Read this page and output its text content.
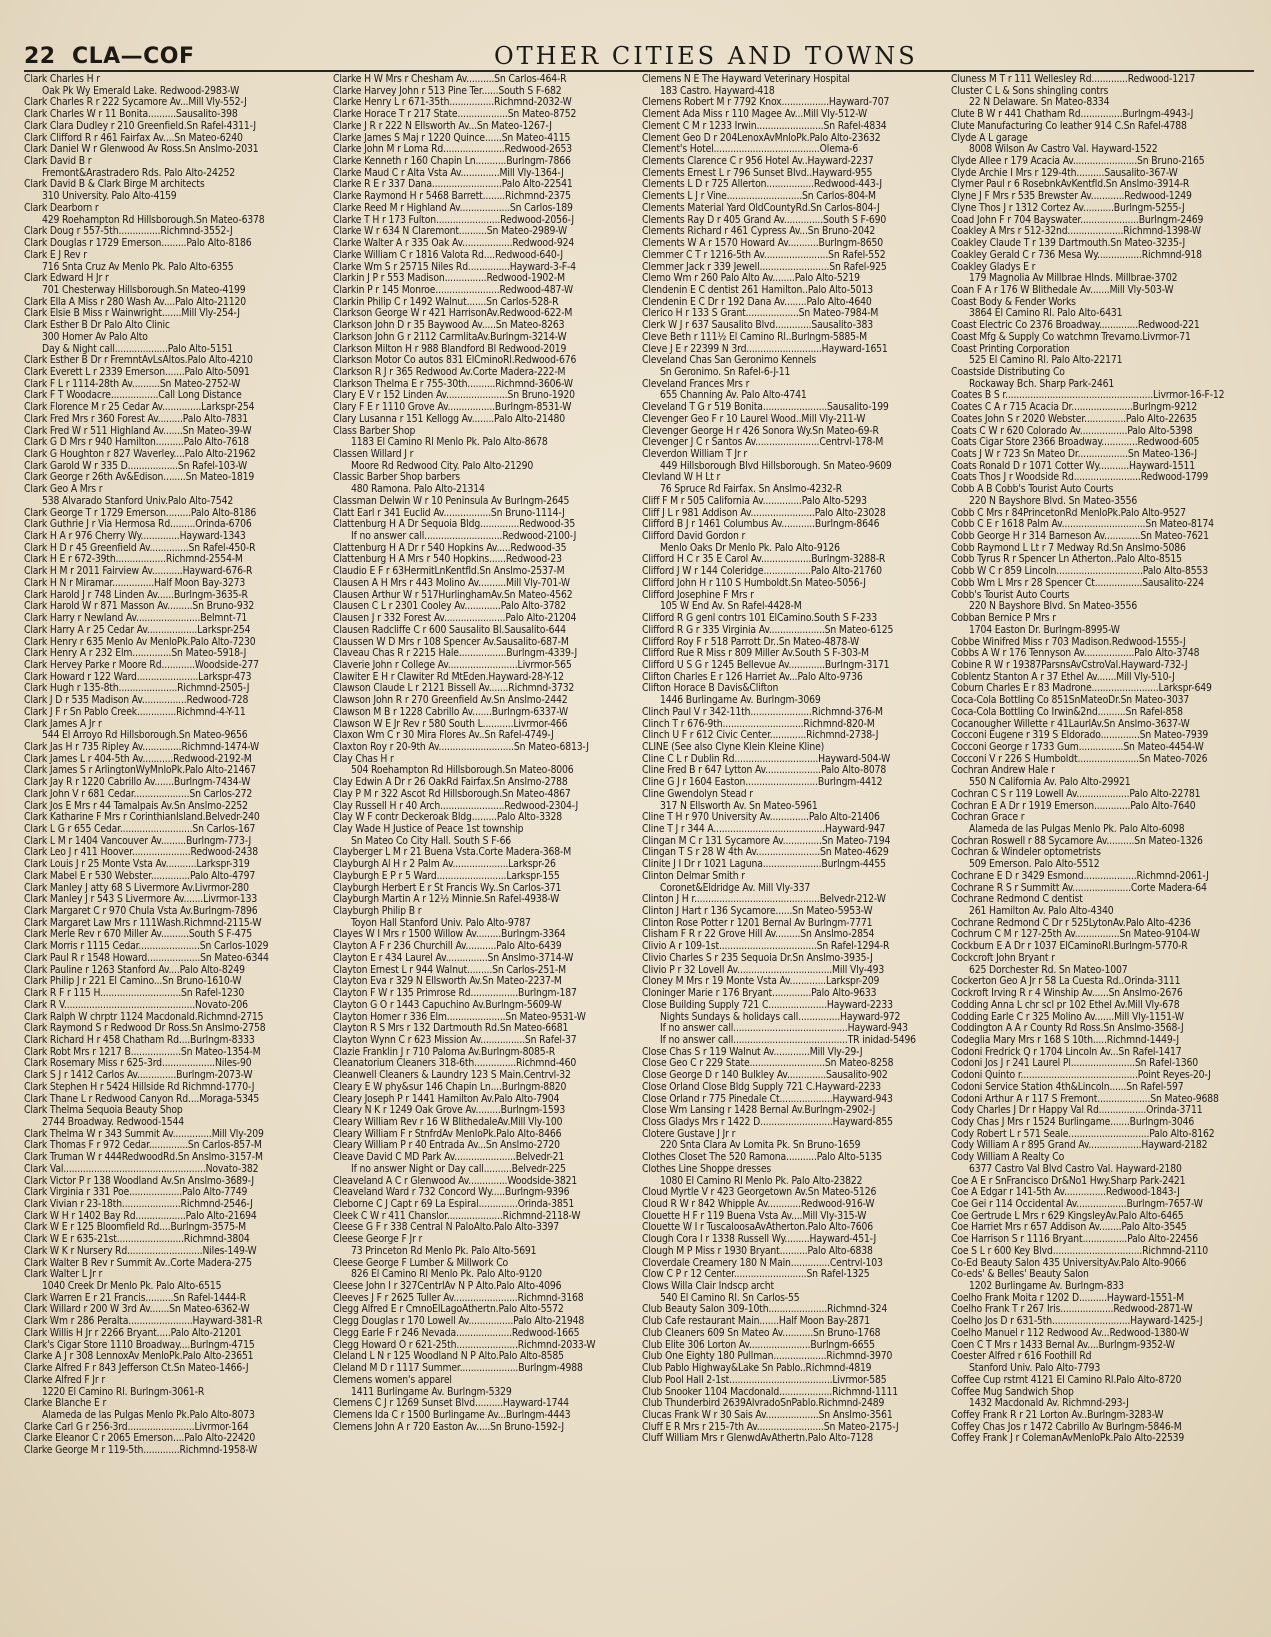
22 CLA—COF	OTHER CITIES AND TOWNS
Clark Charles H r
Oak Pk Wy Emerald Lake. Redwood-2983-W
Clark Charles R r 222 Sycamore Av...Mill Vly-552-J
Clark Charles W r 11 Bonita..........Sausalito-398
Clark Clara Dudley r 210 Greenfield.Sn Rafel-4311-J
Clark Clifford R r 461 Fairfax Av....Sn Mateo-6240
Clark Daniel W r Glenwood Av Ross.Sn Anslmo-2031
Clark David B r
Fremont&Arastradero Rds. Palo Alto-24252
Clark David B & Clark Birge M architects
310 University. Palo Alto-4159
Clark Dearborn r
429 Roehampton Rd Hillsborough.Sn Mateo-6378
Clark Doug r 557-5th...............Richmnd-3552-J
Clark Douglas r 1729 Emerson.........Palo Alto-8186
Clark E J Rev r
716 Snta Cruz Av Menlo Pk. Palo Alto-6355
Clark Edward H Jr r
701 Chesterway Hillsborough.Sn Mateo-4199
Clark Ella A Miss r 280 Wash Av....Palo Alto-21120
Clark Elsie B Miss r Wainwright.......Mill Vly-254-J
Clark Esther B Dr Palo Alto Clinic
300 Homer Av Palo Alto
Day & Night call...................Palo Alto-5151
Clark Esther B Dr r FremntAvLsAltos.Palo Alto-4210
Clark Everett L r 2339 Emerson.......Palo Alto-5091
Clark F L r 1114-28th Av..........Sn Mateo-2752-W
Clark F T Woodacre.................Call Long Distance
Clark Florence M r 25 Cedar Av..............Larkspr-254
Clark Fred Mrs r 360 Forest Av.........Palo Alto-7831
Clark Fred W r 511 Highland Av.......Sn Mateo-39-W
Clark G D Mrs r 940 Hamilton..........Palo Alto-7618
Clark G Houghton r 827 Waverley....Palo Alto-21962
Clark Garold W r 335 D..................Sn Rafel-103-W
Clark George r 26th Av&Edison........Sn Mateo-1819
Clark Geo A Mrs r
538 Alvarado Stanford Univ.Palo Alto-7542
Clark George T r 1729 Emerson.........Palo Alto-8186
Clark Guthrie J r Via Hermosa Rd.........Orinda-6706
Clark H A r 976 Cherry Wy..............Hayward-1343
Clark H D r 45 Greenfield Av..............Sn Rafel-450-R
Clark H E r 672-39th..................Richmnd-2554-M
Clark H M r 2011 Fairview Av...........Hayward-676-R
Clark H N r Miramar...............Half Moon Bay-3273
Clark Harold J r 748 Linden Av......Burlngm-3635-R
Clark Harold W r 871 Masson Av.........Sn Bruno-932
Clark Harry r Newland Av.......................Belmnt-71
Clark Harry A r 25 Cedar Av..................Larkspr-254
Clark Henry r 635 Menlo Av MenloPk.Palo Alto-7230
Clark Henry A r 232 Elm..............Sn Mateo-5918-J
Clark Hervey Parke r Moore Rd............Woodside-277
Clark Howard r 122 Ward......................Larkspr-473
Clark Hugh r 135-8th.....................Richmnd-2505-J
Clark J D r 535 Madison Av................Redwood-728
Clark J F r Sn Pablo Creek..............Richmnd-4-Y-11
Clark James A Jr r
544 El Arroyo Rd Hillsborough.Sn Mateo-9656
Clark Jas H r 735 Ripley Av..............Richmnd-1474-W
Clark James L r 404-5th Av...........Redwood-2192-M
Clark James S r ArlingtonWyMnloPk.Palo Alto-21467
Clark Jay R r 1220 Cabrillo Av.......Burlngm-7434-W
Clark John V r 681 Cedar....................Sn Carlos-272
Clark Jos E Mrs r 44 Tamalpais Av.Sn Anslmo-2252
Clark Katharine F Mrs r CorinthianIsland.Belvedr-240
Clark L G r 655 Cedar..........................Sn Carlos-167
Clark L M r 1404 Vancouver Av.........Burlngm-773-J
Clark Leo J r 411 Hoover.....................Redwood-2438
Clark Louis J r 25 Monte Vsta Av...........Larkspr-319
Clark Mabel E r 530 Webster..............Palo Alto-4797
Clark Manley J atty 68 S Livermore Av.Livrmor-280
Clark Manley J r 543 S Livermore Av.......Livrmor-133
Clark Margaret C r 970 Chula Vsta Av.Burlngm-7896
Clark Margaret Law Mrs r 111Wash.Richmnd-2115-W
Clark Merle Rev r 670 Miller Av..........South S F-475
Clark Morris r 1115 Cedar......................Sn Carlos-1029
Clark Paul R r 1548 Howard...................Sn Mateo-6344
Clark Pauline r 1263 Stanford Av....Palo Alto-8249
Clark Philip J r 221 El Camino...Sn Bruno-1610-W
Clark R F r 115 H.............................Sn Rafel-1230
Clark R V...............................................Novato-206
Clark Ralph W chrptr 1124 Macdonald.Richmnd-2715
Clark Raymond S r Redwood Dr Ross.Sn Anslmo-2758
Clark Richard H r 458 Chatham Rd....Burlngm-8333
Clark Robt Mrs r 1217 B..................Sn Mateo-1354-M
Clark Rosemary Miss r 625-3rd...................Niles-90
Clark S J r 1412 Carlos Av..............Burlngm-2073-W
Clark Stephen H r 5424 Hillside Rd Richmnd-1770-J
Clark Thane L r Redwood Canyon Rd....Moraga-5345
Clark Thelma Sequoia Beauty Shop
2744 Broadway. Redwood-1544
Clark Thelma W r 343 Summit Av..............Mill Vly-209
Clark Thomas F r 972 Cedar..............Sn Carlos-857-M
Clark Truman W r 444RedwoodRd.Sn Anslmo-3157-M
Clark Val...................................................Novato-382
Clark Victor P r 138 Woodland Av.Sn Anslmo-3689-J
Clark Virginia r 331 Poe...................Palo Alto-7749
Clark Vivian r 23-18th.....................Richmnd-2546-J
Clark W H r 1402 Bay Rd..................Palo Alto-21694
Clark W E r 125 Bloomfield Rd....Burlngm-3575-M
Clark W E r 635-21st........................Richmnd-3804
Clark W K r Nursery Rd...........................Niles-149-W
Clark Walter B Rev r Summit Av..Corte Madera-275
Clark Walter L Jr r
1040 Creek Dr Menlo Pk. Palo Alto-6515
Clark Warren E r 21 Francis..........Sn Rafel-1444-R
Clark Willard r 200 W 3rd Av.......Sn Mateo-6362-W
Clark Wm r 286 Peralta.......................Hayward-381-R
Clark Willis H Jr r 2266 Bryant.....Palo Alto-21201
Clark's Cigar Store 1110 Broadway....Burlngm-4715
Clarke A J r 308 LennoxAv MenloPk.Palo Alto-23651
Clarke Alfred F r 843 Jefferson Ct.Sn Mateo-1466-J
Clarke Alfred F Jr r
1220 El Camino Rl. Burlngm-3061-R
Clarke Blanche E r
Alameda de las Pulgas Menlo Pk.Palo Alto-8073
Clarke Carl G r 256-3rd........................Livrmor-164
Clarke Eleanor C r 2065 Emerson....Palo Alto-22420
Clarke George M r 119-5th.............Richmnd-1958-W
Clarke H W Mrs r Chesham Av..........Sn Carlos-464-R
Clarke Harvey John r 513 Pine Ter......South S F-682
Clarke Henry L r 671-35th................Richmnd-2032-W
Clarke Horace T r 217 State..................Sn Mateo-8752
Clarke J R r 222 N Ellsworth Av...Sn Mateo-1267-J
Clarke James S Maj r 1220 Quince......Sn Mateo-4115
Clarke John M r Loma Rd......................Redwood-2653
Clarke Kenneth r 160 Chapin Ln...........Burlngm-7866
Clarke Maud C r Alta Vsta Av..............Mill Vly-1364-J
Clarke R E r 337 Dana.........................Palo Alto-22541
Clarke Raymond H r 5468 Barrett........Richmnd-2375
Clarke Reed M r Highland Av..................Sn Carlos-189
Clarke T H r 173 Fulton.......................Redwood-2056-J
Clarke W r 634 N Claremont..........Sn Mateo-2989-W
Clarke Walter A r 335 Oak Av..................Redwood-924
Clarke William C r 1816 Valota Rd....Redwood-640-J
Clarke Wm S r 25715 Niles Rd...............Hayward-3-F-4
Clarkin J P r 553 Madison...............Redwood-1902-M
Clarkin P r 145 Monroe.......................Redwood-487-W
Clarkin Philip C r 1492 Walnut.......Sn Carlos-528-R
Clarkson George W r 421 HarrisonAv.Redwood-622-M
Clarkson John D r 35 Baywood Av.....Sn Mateo-8263
Clarkson John G r 2112 CarmlitaAv.Burlngm-3214-W
Clarkson Milton H r 988 Blandford Bl Redwood-2019
Clarkson Motor Co autos 831 ElCminoRl.Redwood-676
Clarkson R J r 365 Redwood Av.Corte Madera-222-M
Clarkson Thelma E r 755-30th..........Richmnd-3606-W
Clary E V r 152 Linden Av......................Sn Bruno-1920
Clary F E r 1110 Grove Av.................Burlngm-8531-W
Clary Lusanna r 151 Kellogg Av........Palo Alto-21480
Class Barber Shop
1183 El Camino Rl Menlo Pk. Palo Alto-8678
Classen Willard J r
Moore Rd Redwood City. Palo Alto-21290
Classic Barber Shop barbers
480 Ramona. Palo Alto-21314
Classman Delwin W r 10 Peninsula Av Burlngm-2645
Clatt Earl r 341 Euclid Av.................Sn Bruno-1114-J
Clattenburg H A Dr Sequoia Bldg..............Redwood-35
If no answer call............................Redwood-2100-J
Clattenburg H A Dr r 540 Hopkins Av.....Redwood-35
Clattenburg H A Mrs r 540 Hopkins......Redwood-23
Claudio E F r 63HermitLnKentfld.Sn Anslmo-2537-M
Clausen A H Mrs r 443 Molino Av..........Mill Vly-701-W
Clausen Arthur W r 517HurlinghamAv.Sn Mateo-4562
Clausen C L r 2301 Cooley Av.............Palo Alto-3782
Clausen J r 332 Forest Av......................Palo Alto-21204
Clausen Radcliffe C r 600 Sausalito Bl.Sausalito-644
Claussen W D Mrs r 108 Spencer Av.Sausalito-687-M
Claveau Chas R r 2215 Hale.................Burlngm-4339-J
Claverie John r College Av.........................Livrmor-565
Clawiter E H r Clawiter Rd MtEden.Hayward-28-Y-12
Clawson Claude L r 2121 Bissell Av.......Richmnd-3732
Clawson John R r 270 Greenfield Av.Sn Anslmo-2442
Clawson M B r 1228 Cabrillo Av.......Burlngm-6337-W
Clawson W E Jr Rev r 580 South L...........Livrmor-466
Claxon Wm C r 30 Mira Flores Av..Sn Rafel-4749-J
Claxton Roy r 20-9th Av...........................Sn Mateo-6813-J
Clay Chas H r
504 Roehampton Rd Hillsborough.Sn Mateo-8006
Clay Edwin A Dr r 26 OakRd Fairfax.Sn Anslmo-2788
Clay P M r 322 Ascot Rd Hillsborough.Sn Mateo-4867
Clay Russell H r 40 Arch.......................Redwood-2304-J
Clay W F contr Deckeroak Bldg.........Palo Alto-3328
Clay Wade H Justice of Peace 1st township
Sn Mateo Co City Hall. South S F-66
Clayberger L M r 21 Buena Vsta.Corte Madera-368-M
Clayburgh Al H r 2 Palm Av....................Larkspr-26
Clayburgh E P r 5 Ward.........................Larkspr-155
Clayburgh Herbert E r St Francis Wy..Sn Carlos-371
Clayburgh Martin A r 12½ Minnie.Sn Rafel-4938-W
Clayburgh Philip B r
Toyon Hall Stanford Univ. Palo Alto-9787
Clayes W I Mrs r 1500 Willow Av.........Burlngm-3364
Clayton A F r 236 Churchill Av...........Palo Alto-6439
Clayton E r 434 Laurel Av...............Sn Anslmo-3714-W
Clayton Ernest L r 944 Walnut.........Sn Carlos-251-M
Clayton Eva r 329 N Ellsworth Av.Sn Mateo-2237-M
Clayton F W r 135 Primrose Rd.................Burlngm-187
Clayton G O r 1443 Capuchino Av.Burlngm-5609-W
Clayton Homer r 336 Elm.....................Sn Mateo-9531-W
Clayton R S Mrs r 132 Dartmouth Rd.Sn Mateo-6681
Clayton Wynn C r 623 Mission Av................Sn Rafel-37
Clazie Franklin J r 710 Paloma Av.Burlngm-8085-R
Cleanatorium Cleaners 318-6th...............Richmnd-460
Cleanwell Cleaners & Laundry 123 S Main.Centrvl-32
Cleary E W phy&sur 146 Chapin Ln....Burlngm-8820
Cleary Joseph P r 1441 Hamilton Av.Palo Alto-7904
Cleary N K r 1249 Oak Grove Av.........Burlngm-1593
Cleary William Rev r 16 W BlithedaleAv.Mill Vly-100
Cleary William F r StnfrdAv MenloPk.Palo Alto-8466
Cleary William P r 40 Entrada Av...Sn Anslmo-2720
Cleave David C MD Park Av......................Belvedr-21
If no answer Night or Day call..........Belvedr-225
Cleaveland A C r Glenwood Av..............Woodside-3821
Cleaveland Ward r 732 Concord Wy.....Burlngm-9396
Cleborne C J Capt r 69 La Espiral..............Orinda-3851
Cleek C W r 411 Chanslor....................Richmnd-2118-W
Cleese G F r 338 Central N PaloAlto.Palo Alto-3397
Cleese George F Jr r
73 Princeton Rd Menlo Pk. Palo Alto-5691
Cleese George F Lumber & Millwork Co
826 El Camino Rl Menlo Pk. Palo Alto-9120
Cleese John I r 327CentrlAv N P Alto.Palo Alto-4096
Cleeves J F r 2625 Tuller Av.......................Richmnd-3168
Clegg Alfred E r CmnoElLagoAthertn.Palo Alto-5572
Clegg Douglas r 170 Lowell Av................Palo Alto-21948
Clegg Earle F r 246 Nevada....................Redwood-1665
Clegg Howard O r 621-25th......................Richmnd-2033-W
Cleland L N r 125 Woodland N P Alto.Palo Alto-8585
Cleland M D r 1117 Summer.....................Burlngm-4988
Clemens women's apparel
1411 Burlingame Av. Burlngm-5329
Clemens C J r 1269 Sunset Blvd..........Hayward-1744
Clemens Ida C r 1500 Burlingame Av...Burlngm-4443
Clemens John A r 720 Easton Av.....Sn Bruno-1592-J
Clemens N E The Hayward Veterinary Hospital
183 Castro. Hayward-418
Clemens Robert M r 7792 Knox.................Hayward-707
Clement Ada Miss r 110 Magee Av...Mill Vly-512-W
Clement C M r 1233 Irwin........................Sn Rafel-4834
Clement Geo D r 204LenoxAvMnloPk.Palo Alto-23632
Clement's Hotel......................................Olema-6
Clements Clarence C r 956 Hotel Av..Hayward-2237
Clements Ernest L r 796 Sunset Blvd..Hayward-955
Clements L D r 725 Allerton.................Redwood-443-J
Clements L J r Vine...........................Sn Carlos-804-M
Clements Material Yard OldCountyRd.Sn Carlos-804-J
Clements Ray D r 405 Grand Av..............South S F-690
Clements Richard r 461 Cypress Av...Sn Bruno-2042
Clements W A r 1570 Howard Av...........Burlngm-8650
Clemmer C T r 1216-5th Av.......................Sn Rafel-552
Clemmer Jack r 339 Jewell.........................Sn Rafel-925
Clemo Wm r 260 Palo Alto Av........Palo Alto-5219
Clendenin E C dentist 261 Hamilton..Palo Alto-5013
Clendenin E C Dr r 192 Dana Av........Palo Alto-4640
Clerico H r 133 S Grant...................Sn Mateo-7984-M
Clerk W J r 637 Sausalito Blvd.............Sausalito-383
Cleve Beth r 111½ El Camino Rl..Burlngm-5885-M
Cleve J E r 22399 N 3rd...........................Hayward-1651
Cleveland Chas San Geronimo Kennels
Sn Geronimo. Sn Rafel-6-J-11
Cleveland Frances Mrs r
655 Channing Av. Palo Alto-4741
Cleveland T G r 519 Bonita.......................Sausalito-199
Clevenger Geo F r 10 Laurel Wood..Mill Vly-211-W
Clevenger George H r 426 Sonora Wy.Sn Mateo-69-R
Clevenger J C r Santos Av.......................Centrvl-178-M
Cleverdon William T Jr r
449 Hillsborough Blvd Hillsborough. Sn Mateo-9609
Clevland W H Lt r
76 Spruce Rd Fairfax. Sn Anslmo-4232-R
Cliff F M r 505 California Av..............Palo Alto-5293
Cliff J L r 981 Addison Av.......................Palo Alto-23028
Clifford B J r 1461 Columbus Av............Burlngm-8646
Clifford David Gordon r
Menlo Oaks Dr Menlo Pk. Palo Alto-9126
Clifford H C r 35 E Carol Av..................Burlngm-3288-R
Clifford J W r 144 Coleridge.................Palo Alto-21760
Clifford John H r 110 S Humboldt.Sn Mateo-5056-J
Clifford Josephine F Mrs r
105 W End Av. Sn Rafel-4428-M
Clifford R G genl contrs 101 ElCamino.South S F-233
Clifford R G r 335 Virginia Av....................Sn Mateo-6125
Clifford Roy F r 518 Parrott Dr..Sn Mateo-4878-W
Clifford Rue R Miss r 809 Miller Av.South S F-303-M
Clifford U S G r 1245 Bellevue Av.............Burlngm-3171
Clifton Charles E r 126 Harriet Av...Palo Alto-9736
Clifton Horace B Davis&Clifton
1446 Burlingame Av. Burlngm-3069
Clinch Paul V r 342-11th......................Richmnd-376-M
Clinch T r 676-9th.............................Richmnd-820-M
Clinch U F r 612 Civic Center.............Richmnd-2738-J
CLINE (See also Clyne Klein Kleine Kline)
Cline C L r Dublin Rd..............................Hayward-504-W
Cline Fred B r 647 Lytton Av....................Palo Alto-8078
Cline G J r 1604 Easton..........................Burlngm-4412
Cline Gwendolyn Stead r
317 N Ellsworth Av. Sn Mateo-5961
Cline T H r 970 University Av..............Palo Alto-21406
Cline T J r 344 A........................................Hayward-947
Clingan M C r 131 Sycamore Av..............Sn Mateo-7194
Clingan T S r 28 W 4th Av.......................Sn Mateo-4629
Clinite J I Dr r 1021 Laguna.....................Burlngm-4455
Clinton Delmar Smith r
Coronet&Eldridge Av. Mill Vly-337
Clinton J H r.............................................Belvedr-212-W
Clinton J Hart r 136 Sycamore......Sn Mateo-5953-W
Clinton Rose Potter r 1201 Bernal Av Burlngm-7771
Clisham F R r 22 Grove Hill Av.........Sn Anslmo-2854
Clivio A r 109-1st...................................Sn Rafel-1294-R
Clivio Charles S r 235 Sequoia Dr.Sn Anslmo-3935-J
Clivio P r 32 Lovell Av..................................Mill Vly-493
Cloney M Mrs r 19 Monte Vsta Av.............Larkspr-209
Cloninger Marie r 176 Bryant..............Palo Alto-9633
Close Building Supply 721 C.....................Hayward-2233
Nights Sundays & holidays call...............Hayward-972
If no answer call.........................................Hayward-943
If no answer call.........................................TR inidad-5496
Close Chas S r 119 Walnut Av.............Mill Vly-29-J
Close Geo C r 229 State...........................Sn Mateo-8258
Close George D r 140 Bulkley Av..............Sausalito-902
Close Orland Close Bldg Supply 721 C.Hayward-2233
Close Orland r 775 Pinedale Ct...................Hayward-943
Close Wm Lansing r 1428 Bernal Av.Burlngm-2902-J
Closs Gladys Mrs r 1422 D..........................Hayward-855
Clotere Gustave J Jr r
220 Snta Clara Av Lomita Pk. Sn Bruno-1659
Clothes Closet The 520 Ramona...........Palo Alto-5135
Clothes Line Shoppe dresses
1080 El Camino Rl Menlo Pk. Palo Alto-23822
Cloud Myrtle V r 423 Georgetown Av.Sn Mateo-5126
Cloud R W r 842 Whipple Av............Redwood-916-W
Clouette H F r 119 Buena Vsta Av....Mill Vly-315-W
Clouette W I r TuscaloosaAvAtherton.Palo Alto-7606
Clough Cora I r 1338 Russell Wy.........Hayward-451-J
Clough M P Miss r 1930 Bryant..........Palo Alto-6838
Cloverdale Creamery 180 N Main..............Centrvl-103
Clow C P r 12 Center..........................Sn Rafel-1325
Clows Willa Clair Indscp archt
540 El Camino Rl. Sn Carlos-55
Club Beauty Salon 309-10th.....................Richmnd-324
Club Cafe restaurant Main.......Half Moon Bay-2871
Club Cleaners 609 Sn Mateo Av...........Sn Bruno-1768
Club Elite 306 Lorton Av......................Burlngm-6655
Club One Eighty 180 Pullman...................Richmnd-3970
Club Pablo Highway&Lake Sn Pablo..Richmnd-4819
Club Pool Hall 2-1st.....................................Livrmor-585
Club Snooker 1104 Macdonald...................Richmnd-1111
Club Thunderbird 2639AlvradoSnPablo.Richmnd-2489
Clucas Frank W r 30 Sais Av...................Sn Anslmo-3561
Cluff E R Mrs r 215-7th Av........................Sn Mateo-2175-J
Cluff William Mrs r GlenwdAvAthertn.Palo Alto-7128
Cluness M T r 111 Wellesley Rd.............Redwood-1217
Cluster C L & Sons shingling contrs
22 N Delaware. Sn Mateo-8334
Clute B W r 441 Chatham Rd...............Burlngm-4943-J
Clute Manufacturing Co leather 914 C.Sn Rafel-4788
Clyde A L garage
8008 Wilson Av Castro Val. Hayward-1522
Clyde Allee r 179 Acacia Av.......................Sn Bruno-2165
Clyde Archie I Mrs r 129-4th..........Sausalito-367-W
Clymer Paul r 6 RosebnkAvKentfld.Sn Anslmo-3914-R
Clyne J F Mrs r 535 Brewster Av............Redwood-1249
Clyne Thos J r 1312 Cortez Av...........Burlngm-5255-J
Coad John F r 704 Bayswater.....................Burlngm-2469
Coakley A Mrs r 512-32nd....................Richmnd-1398-W
Coakley Claude T r 139 Dartmouth.Sn Mateo-3235-J
Coakley Gerald C r 736 Mesa Wy................Richmnd-918
Coakley Gladys E r
179 Magnolia Av Millbrae Hlnds. Millbrae-3702
Coan F A r 176 W Blithedale Av.......Mill Vly-503-W
Coast Body & Fender Works
3864 El Camino Rl. Palo Alto-6431
Coast Electric Co 2376 Broadway..............Redwood-221
Coast Mfg & Supply Co watchmn Trevarno.Livrmor-71
Coast Printing Corporation
525 El Camino Rl. Palo Alto-22171
Coastside Distributing Co
Rockaway Bch. Sharp Park-2461
Coates B S r.....................................................Livrmor-16-F-12
Coates C A r 715 Acacia Dr......................Burlngm-9212
Coates John S r 2020 Webster...............Palo Alto-22635
Coats C W r 620 Colorado Av.................Palo Alto-5398
Coats Cigar Store 2366 Broadway.............Redwood-605
Coats J W r 723 Sn Mateo Dr..................Sn Mateo-136-J
Coats Ronald D r 1071 Cotter Wy...........Hayward-1511
Coats Thos J r Woodside Rd........................Redwood-1799
Cobb A B Cobb's Tourist Auto Courts
220 N Bayshore Blvd. Sn Mateo-3556
Cobb C Mrs r 84PrincetonRd MenloPk.Palo Alto-9527
Cobb C E r 1618 Palm Av..............................Sn Mateo-8174
Cobb George H r 314 Barneson Av.............Sn Mateo-7621
Cobb Raymond L Lt r 7 Medway Rd.Sn Anslmo-5086
Cobb Tyrus R r Spencer Ln Atherton..Palo Alto-8515
Cobb W C r 859 Lincoln...............................Palo Alto-8553
Cobb Wm L Mrs r 28 Spencer Ct.................Sausalito-224
Cobb's Tourist Auto Courts
220 N Bayshore Blvd. Sn Mateo-3556
Cobban Bernice P Mrs r
1704 Easton Dr. Burlngm-8995-W
Cobbe Winifred Miss r 703 Madison.Redwood-1555-J
Cobbs A W r 176 Tennyson Av..................Palo Alto-3748
Cobine R W r 19387ParsnsAvCstroVal.Hayward-732-J
Coblentz Stanton A r 37 Ethel Av.......Mill Vly-510-J
Coburn Charles E r 83 Madrone........................Larkspr-649
Coca-Cola Bottling Co 851SnMateoDr.Sn Mateo-3037
Coca-Cola Bottling Co Irwin&2nd..........Sn Rafel-858
Cocanougher Willette r 41LaurlAv.Sn Anslmo-3637-W
Cocconi Eugene r 319 S Eldorado..............Sn Mateo-7939
Cocconi George r 1733 Gum................Sn Mateo-4454-W
Cocconi V r 226 S Humboldt......................Sn Mateo-7026
Cochran Andrew Hale r
550 N California Av. Palo Alto-29921
Cochran C S r 119 Lowell Av...................Palo Alto-22781
Cochran E A Dr r 1919 Emerson.............Palo Alto-7640
Cochran Grace r
Alameda de las Pulgas Menlo Pk. Palo Alto-6098
Cochran Roswell r 88 Sycamore Av..........Sn Mateo-1326
Cochran & Windeler optometrists
509 Emerson. Palo Alto-5512
Cochrane E D r 3429 Esmond...................Richmnd-2061-J
Cochrane R S r Summitt Av.....................Corte Madera-64
Cochrane Redmond C dentist
261 Hamilton Av. Palo Alto-4340
Cochrane Redmond C Dr r 525LytonAv.Palo Alto-4236
Cochrum C M r 127-25th Av................Sn Mateo-9104-W
Cockburn E A Dr r 1037 ElCaminoRl.Burlngm-5770-R
Cockcroft John Bryant r
625 Dorchester Rd. Sn Mateo-1007
Cockerton Geo A Jr r 58 La Cuesta Rd..Orinda-3111
Cockroft Irving R r 4 Winship Av......Sn Anslmo-2676
Codding Anna L chr scl pr 102 Ethel Av.Mill Vly-678
Codding Earle C r 325 Molino Av.......Mill Vly-1151-W
Coddington A A r County Rd Ross.Sn Anslmo-3568-J
Codeglia Mary Mrs r 168 S 10th.....Richmnd-1449-J
Codoni Fredrick Q r 1704 Lincoln Av...Sn Rafel-1417
Codoni Jos J r 241 Laurel Pl.......................Sn Rafel-1360
Codoni Quinto r..........................................Point Reyes-20-J
Codoni Service Station 4th&Lincoln......Sn Rafel-597
Codoni Arthur A r 117 S Fremont...................Sn Mateo-9688
Cody Charles J Dr r Happy Val Rd.................Orinda-3711
Cody Chas J Mrs r 1524 Burlingame.......Burlngm-3046
Cody Robert L r 571 Seale.............................Palo Alto-8162
Cody William A r 895 Grand Av...................Hayward-2182
Cody William A Realty Co
6377 Castro Val Blvd Castro Val. Hayward-2180
Coe A E r SnFrancisco Dr&No1 Hwy.Sharp Park-2421
Coe A Edgar r 141-5th Av...............Redwood-1843-J
Coe Gei r 114 Occidental Av..................Burlngm-7657-W
Coe Gertrude L Mrs r 629 KingsleyAv.Palo Alto-6465
Coe Harriet Mrs r 657 Addison Av........Palo Alto-3545
Coe Harrison S r 1116 Bryant................Palo Alto-22456
Coe S L r 600 Key Blvd................................Richmnd-2110
Co-Ed Beauty Salon 435 UniversityAv.Palo Alto-9066
Co-eds' & Belles' Beauty Salon
1202 Burlingame Av. Burlngm-833
Coelho Frank Moita r 1202 D..........Hayward-1551-M
Coelho Frank T r 267 Iris...................Redwood-2871-W
Coelho Jos D r 631-5th............................Hayward-1425-J
Coelho Manuel r 112 Redwood Av...Redwood-1380-W
Coen C T Mrs r 1433 Bernal Av....Burlngm-9352-W
Coester Alfred r 616 Foothill Rd
Stanford Univ. Palo Alto-7793
Coffee Cup rstrnt 4121 El Camino Rl.Palo Alto-8720
Coffee Mug Sandwich Shop
1432 Macdonald Av. Richmnd-293-J
Coffey Frank R r 21 Lorton Av..Burlngm-3283-W
Coffey Chas Jos r 1472 Cabrillo Av Burlngm-5846-M
Coffey Frank J r ColemanAvMenloPk.Palo Alto-22539
